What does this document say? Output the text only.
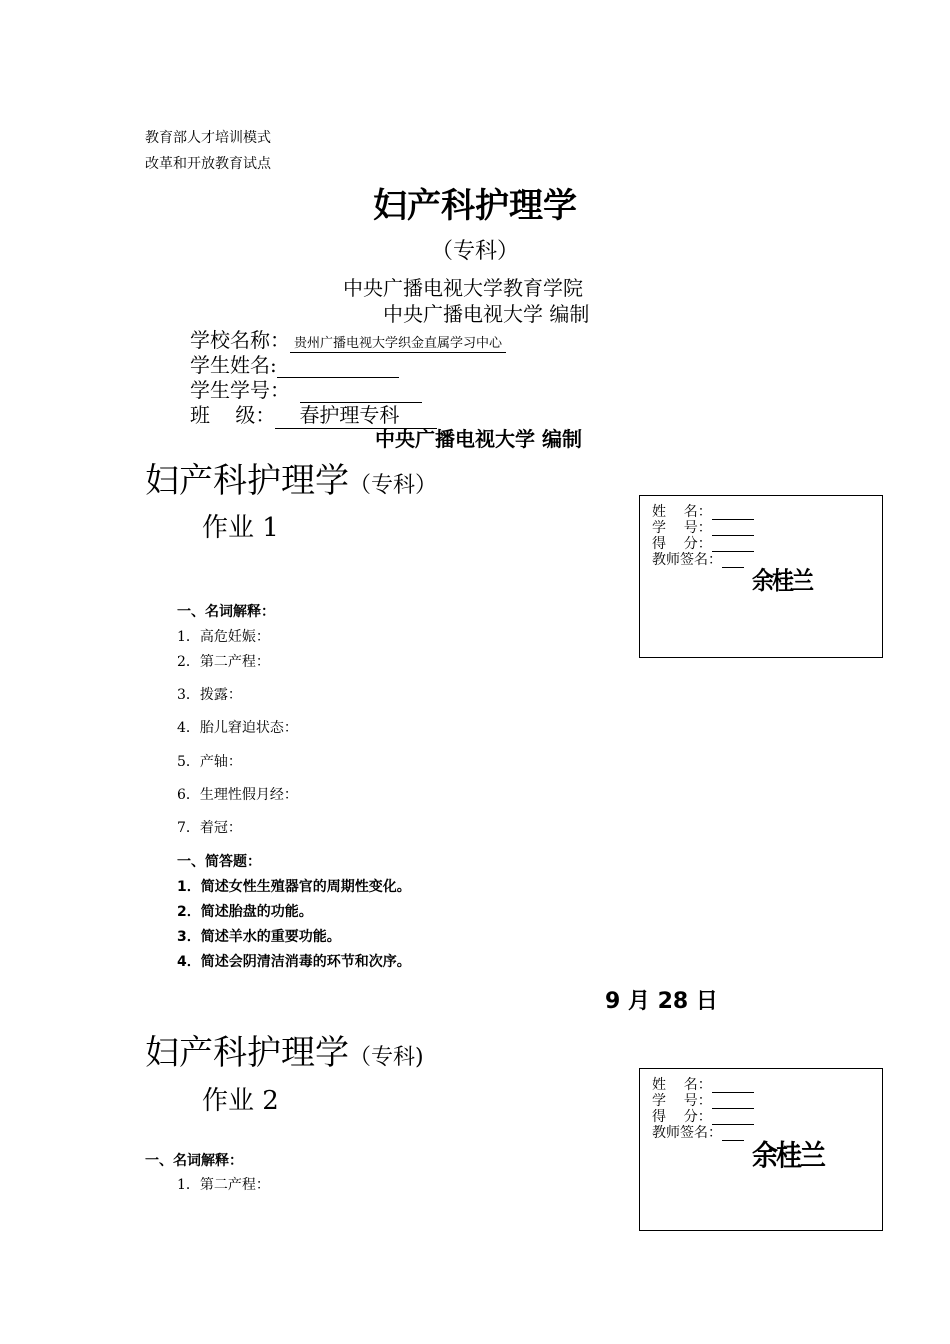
教育部人才培训模式
改革和开放教育试点
妇产科护理学
（专科）
中央广播电视大学教育学院
中央广播电视大学 编制
学校名称： 贵州广播电视大学织金直属学习中心
学生姓名:
学生学号：
班    级： 春护理专科
中央广播电视大学 编制
妇产科护理学（专科）
作业 1
姓    名：
学    号：
得    分：
教师签名：
余桂兰
一、名词解释：
1．高危妊娠：
2．第二产程：
3．拨露：
4．胎儿窘迫状态：
5．产轴：
6．生理性假月经：
7．着冠：
一、简答题：
1．简述女性生殖器官的周期性变化。
2．简述胎盘的功能。
3．简述羊水的重要功能。
4．简述会阴清洁消毒的环节和次序。
9 月 28 日
妇产科护理学（专科)
作业 2
姓    名：
学    号：
得    分：
教师签名：
余桂兰
一、名词解释：
1．第二产程：
